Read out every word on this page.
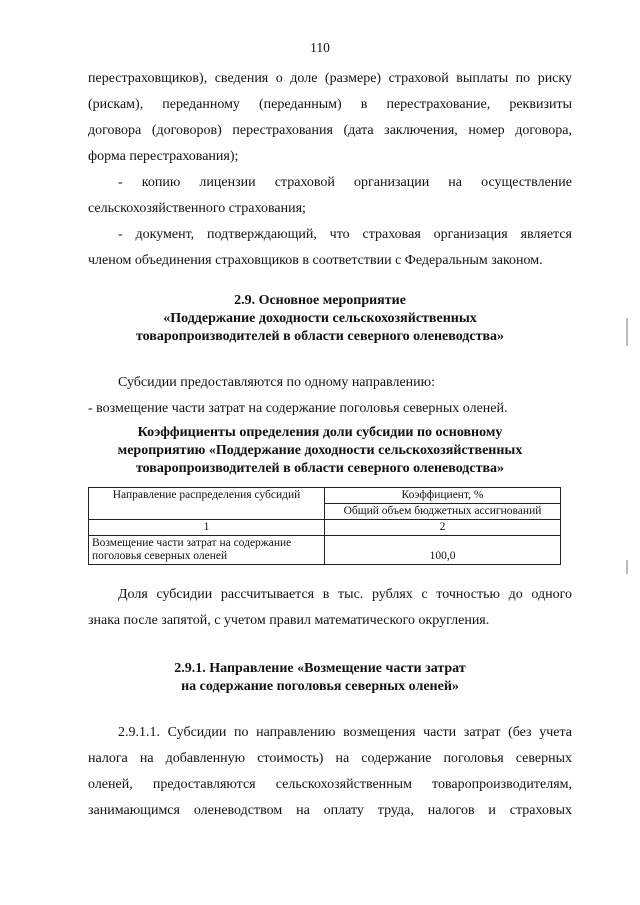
110

перестраховщиков), сведения о доле (размере) страховой выплаты по риску

(рискам), переданному (переданным) в перестрахование, реквизиты

договора (договоров) перестрахования (дата заключения, номер договора,

форма перестрахования);

- копию лицензии страховой организации на осуществление

сельскохозяйственного страхования;

- документ, подтверждающий, что страховая организация является

членом объединения страховщиков в соответствии с Федеральным законом.

2.9. Основное мероприятие

«Поддержание доходности сельскохозяйственных

товаропроизводителей в области северного оленеводства»

Субсидии предоставляются по одному направлению:

- возмещение части затрат на содержание поголовья северных оленей.

Коэффициенты определения доли субсидии по основному

мероприятию «Поддержание доходности сельскохозяйственных

товаропроизводителей в области северного оленеводства»

Направление распределения субсидий	Коэффициент, %
	Общий объем бюджетных ассигнований
1	2
Возмещение части затрат на содержание поголовья северных оленей	100,0

Доля субсидии рассчитывается в тыс. рублях с точностью до одного

знака после запятой, с учетом правил математического округления.

2.9.1. Направление «Возмещение части затрат

на содержание поголовья северных оленей»

2.9.1.1. Субсидии по направлению возмещения части затрат (без учета

налога на добавленную стоимость) на содержание поголовья северных

оленей, предоставляются сельскохозяйственным товаропроизводителям,

занимающимся оленеводством на оплату труда, налогов и страховых
